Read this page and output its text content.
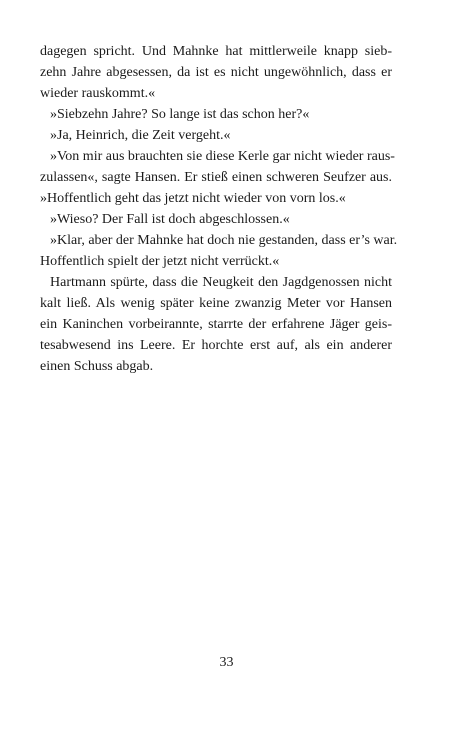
dagegen spricht. Und Mahnke hat mittlerweile knapp sieb-
zehn Jahre abgesessen, da ist es nicht ungewöhnlich, dass er
wieder rauskommt.«
»Siebzehn Jahre? So lange ist das schon her?«
»Ja, Heinrich, die Zeit vergeht.«
»Von mir aus brauchten sie diese Kerle gar nicht wieder raus-
zulassen«, sagte Hansen. Er stieß einen schweren Seufzer aus.
»Hoffentlich geht das jetzt nicht wieder von vorn los.«
»Wieso? Der Fall ist doch abgeschlossen.«
»Klar, aber der Mahnke hat doch nie gestanden, dass er’s war.
Hoffentlich spielt der jetzt nicht verrückt.«
Hartmann spürte, dass die Neugkeit den Jagdgenossen nicht
kalt ließ. Als wenig später keine zwanzig Meter vor Hansen
ein Kaninchen vorbeirannte, starrte der erfahrene Jäger geis-
tesabwesend ins Leere. Er horchte erst auf, als ein anderer
einen Schuss abgab.
33
